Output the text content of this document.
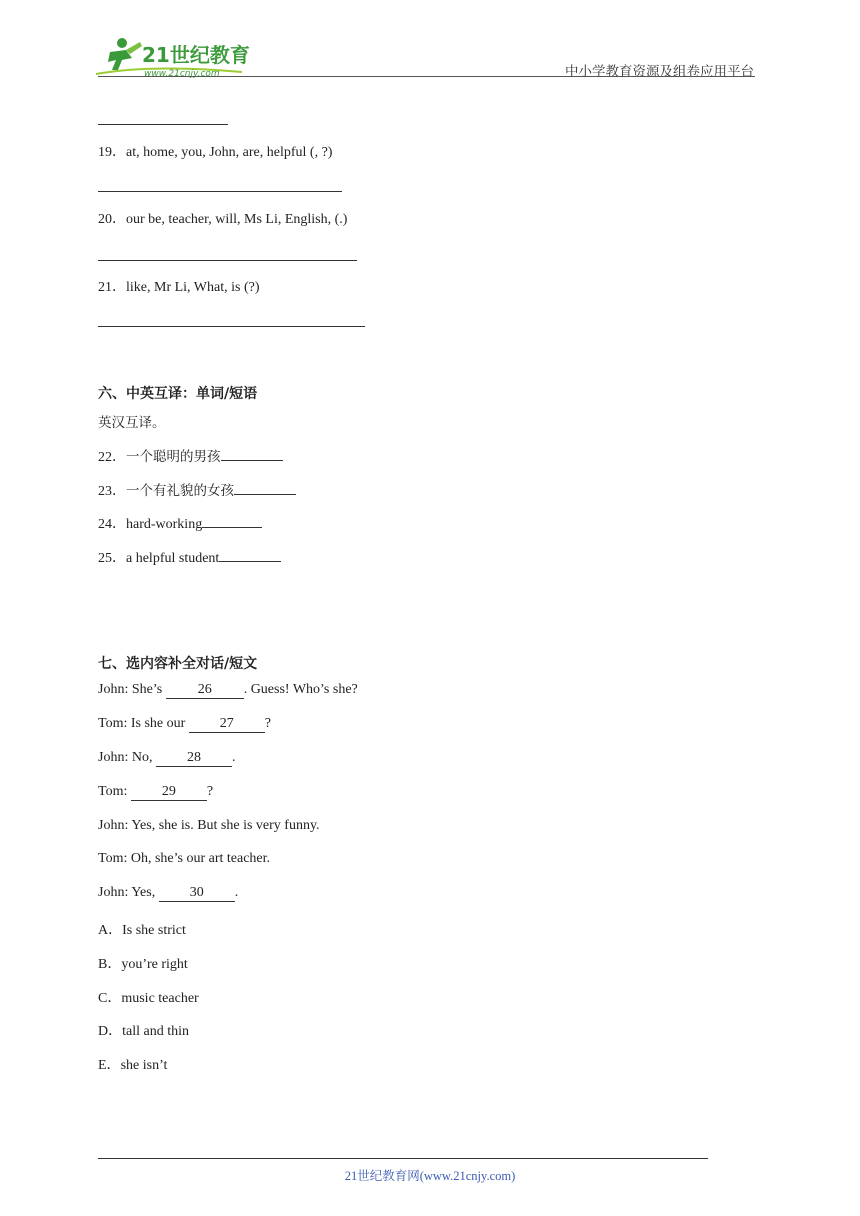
21世纪教育
www.21cnjy.com	中小学教育资源及组卷应用平台
19．at, home, you, John, are, helpful (, ?)
20．our be, teacher, will, Ms Li, English, (.)
21．like, Mr Li, What, is (?)
六、中英互译：单词/短语
英汉互译。
22．一个聪明的男孩
23．一个有礼貌的女孩
24．hard-working
25．a helpful student
七、选内容补全对话/短文
John: She’s 26 . Guess! Who’s she?
Tom: Is she our 27 ?
John: No, 28 .
Tom: 29 ?
John: Yes, she is. But she is very funny.
Tom: Oh, she’s our art teacher.
John: Yes, 30 .
A．Is she strict
B．you’re right
C．music teacher
D．tall and thin
E．she isn’t
21世纪教育网(www.21cnjy.com)
